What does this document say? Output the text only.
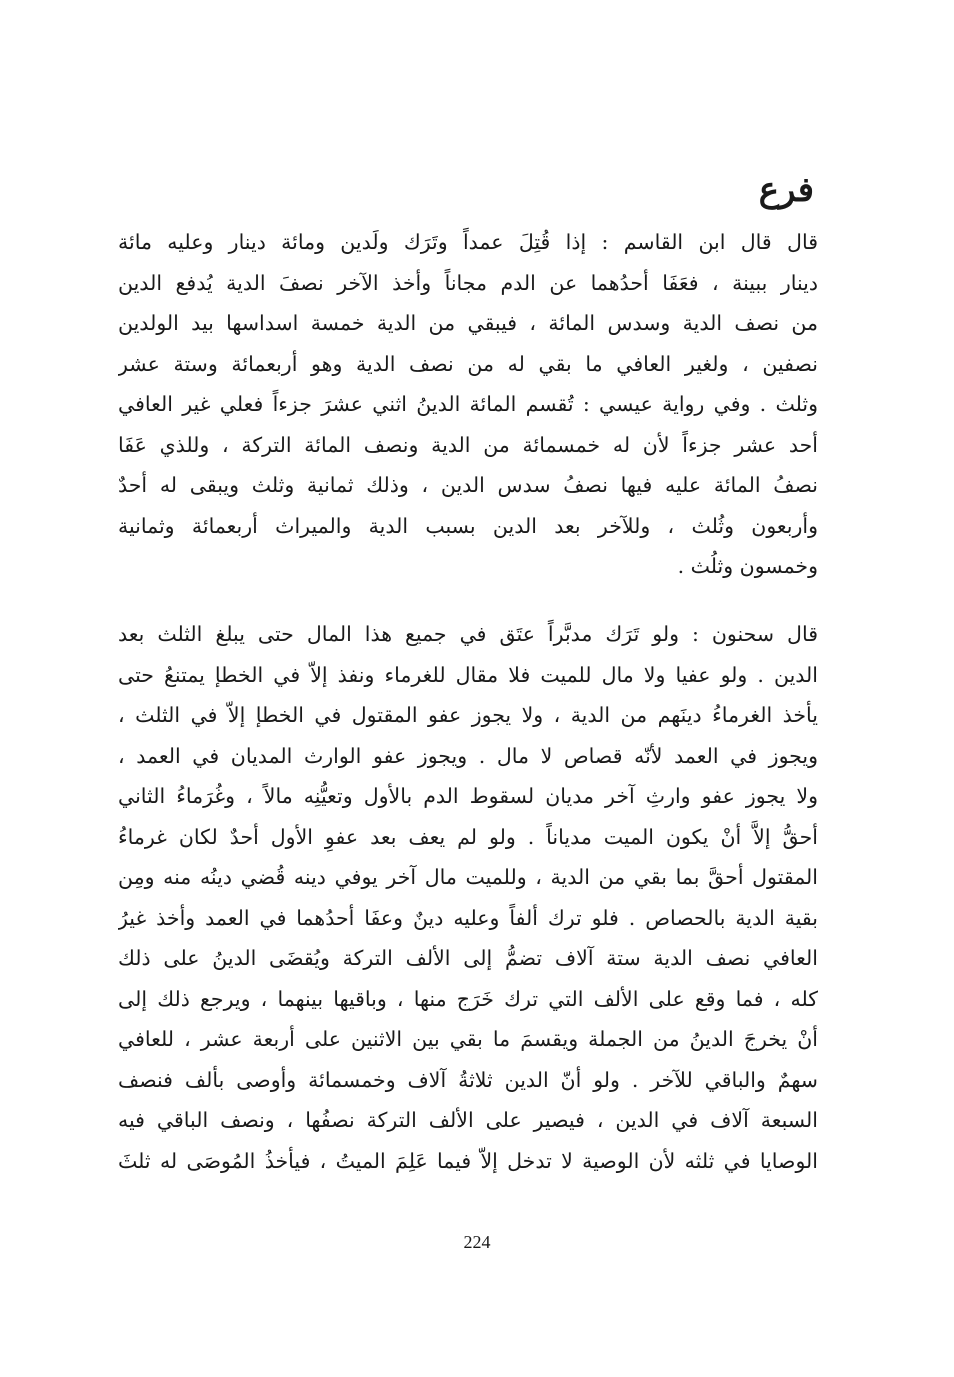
فرع
قال قال ابن القاسم : إذا قُتِلَ عمداً وتَرَك ولَدين ومائة دينار وعليه مائة
دينار ببينة ، فعَفَا أحدُهما عن الدم مجاناً وأخذ الآخر نصفَ الدية يُدفع الدين
من نصف الدية وسدس المائة ، فيبقي من الدية خمسة اسداسها بيد الولدين
نصفين ، ولغير العافي ما بقي له من نصف الدية وهو أربعمائة وستة عشر
وثلث . وفي رواية عيسي : تُقسم المائة الدينُ اثني عشرَ جزءاً فعلي غير العافي
أحد عشر جزءاً لأن له خمسمائة من الدية ونصف المائة التركة ، وللذي عَفَا
نصفُ المائة عليه فيها نصفُ سدس الدين ، وذلك ثمانية وثلث ويبقى له أحدٌ
وأربعون وثُلث ، وللآخر بعد الدين بسبب الدية والميراث أربعمائة وثمانية
وخمسون وثلُث .
قال سحنون : ولو تَرَك مدبَّراً عتَق في جميع هذا المال حتى يبلغ الثلث بعد
الدين . ولو عفيا ولا مال للميت فلا مقال للغرماء ونفذ إلاّ في الخطإ يمتنعُ حتى
يأخذ الغرماءُ دينَهم من الدية ، ولا يجوز عفو المقتول في الخطإ إلاّ في الثلث ،
ويجوز في العمد لأنّه قصاص لا مال . ويجوز عفو الوارث المديان في العمد ،
ولا يجوز عفو وارثِ آخر مديان لسقوط الدم بالأول وتعيُّنِه مالاً ، وغُرَماءُ الثاني
أحقُّ إلاَّ أنْ يكون الميت مدياناً . ولو لم يعف بعد عفوِ الأول أحدٌ لكان غرماءُ
المقتول أحقَّ بما بقي من الدية ، وللميت مال آخر يوفي دينه قُضي دينُه منه ومِن
بقية الدية بالحصاص . فلو ترك ألفاً وعليه دينٌ وعفَا أحدُهما في العمد وأخذ غيرُ
العافي نصف الدية ستة آلاف تضمُّ إلى الألف التركة ويُقضَى الدينُ على ذلك
كله ، فما وقع على الألف التي ترك خَرَج منها ، وباقيها بينهما ، ويرجع ذلك إلى
أنْ يخرجَ الدينُ من الجملة ويقسمَ ما بقي بين الاثنين على أربعة عشر ، للعافي
سهمٌ والباقي للآخر . ولو أنّ الدين ثلاثةُ آلاف وخمسمائة وأوصى بألف فنصف
السبعة آلاف في الدين ، فيصير على الألف التركة نصفُها ، ونصف الباقي فيه
الوصايا في ثلثه لأن الوصية لا تدخل إلاّ فيما عَلِمَ الميتُ ، فيأخذُ المُوصَى له ثلثَ
224
